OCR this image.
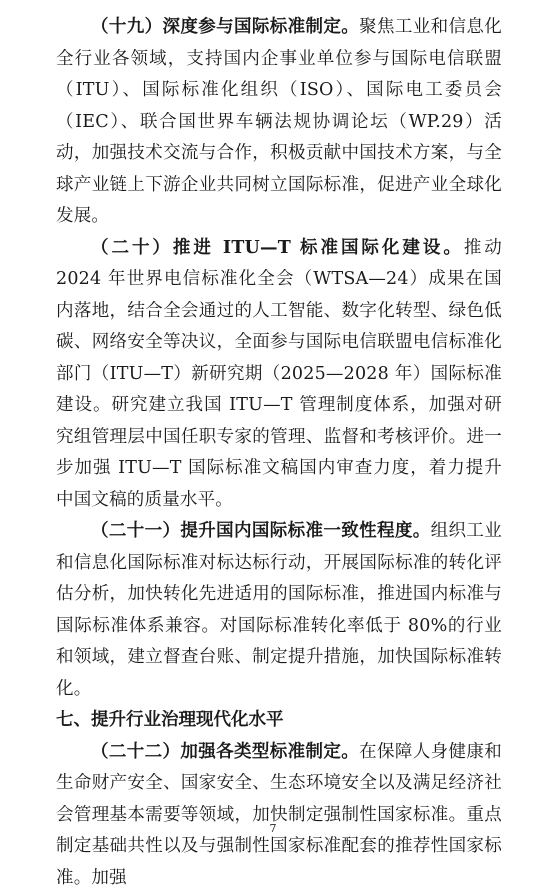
（十九）深度参与国际标准制定。聚焦工业和信息化全行业各领域，支持国内企事业单位参与国际电信联盟（ITU）、国际标准化组织（ISO）、国际电工委员会（IEC）、联合国世界车辆法规协调论坛（WP.29）活动，加强技术交流与合作，积极贡献中国技术方案，与全球产业链上下游企业共同树立国际标准，促进产业全球化发展。

（二十）推进 ITU—T 标准国际化建设。推动 2024 年世界电信标准化全会（WTSA—24）成果在国内落地，结合全会通过的人工智能、数字化转型、绿色低碳、网络安全等决议，全面参与国际电信联盟电信标准化部门（ITU—T）新研究期（2025—2028 年）国际标准建设。研究建立我国 ITU—T 管理制度体系，加强对研究组管理层中国任职专家的管理、监督和考核评价。进一步加强 ITU—T 国际标准文稿国内审查力度，着力提升中国文稿的质量水平。

（二十一）提升国内国际标准一致性程度。组织工业和信息化国际标准对标达标行动，开展国际标准的转化评估分析，加快转化先进适用的国际标准，推进国内标准与国际标准体系兼容。对国际标准转化率低于 80%的行业和领域，建立督查台账、制定提升措施，加快国际标准转化。

七、提升行业治理现代化水平

（二十二）加强各类型标准制定。在保障人身健康和生命财产安全、国家安全、生态环境安全以及满足经济社会管理基本需要等领域，加快制定强制性国家标准。重点制定基础共性以及与强制性国家标准配套的推荐性国家标准。加强

7
